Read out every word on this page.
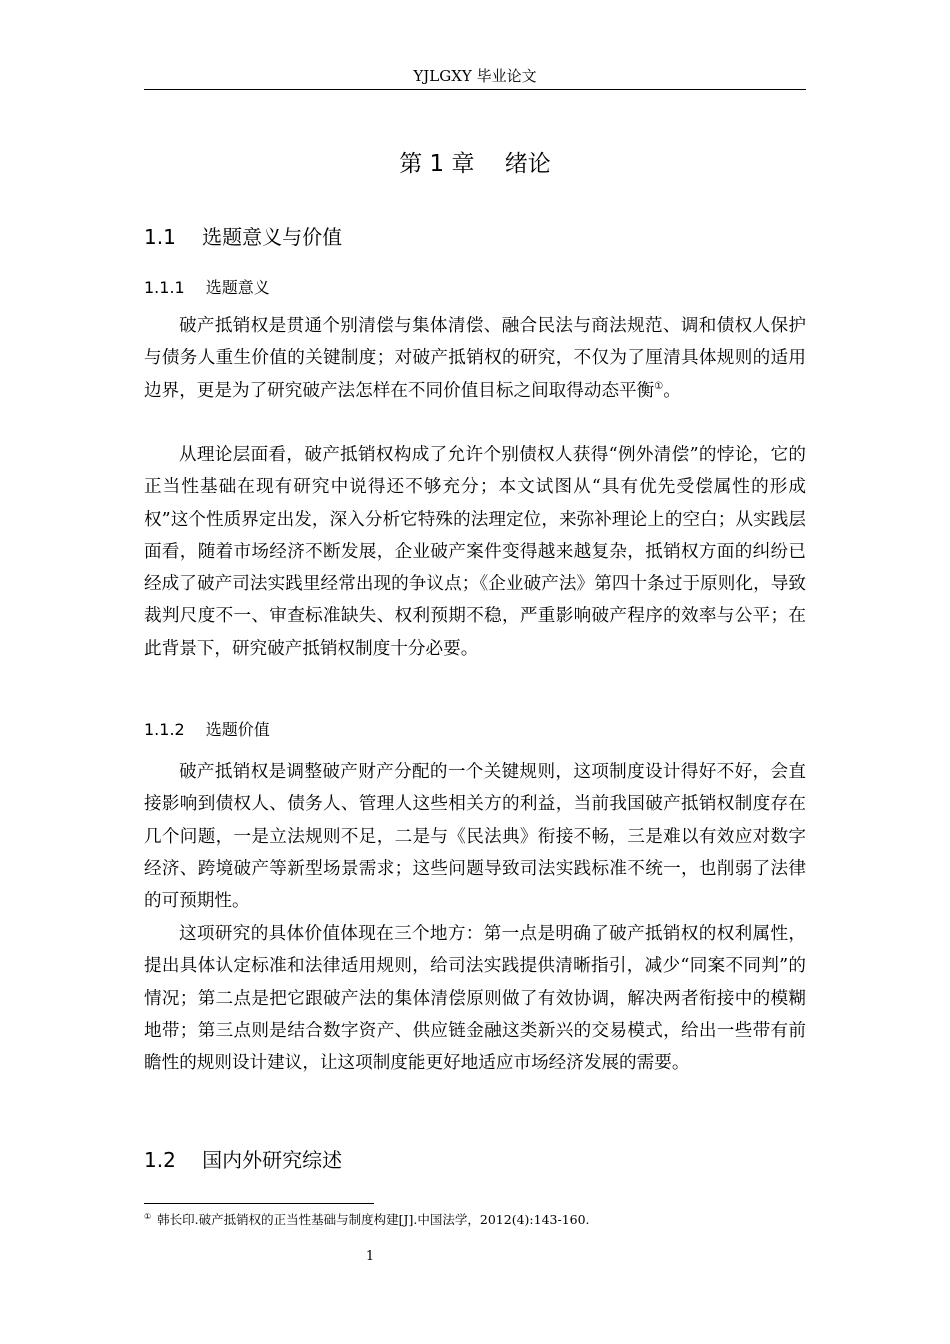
YJLGXY 毕业论文
第 1 章　 绪论
1.1　 选题意义与价值
1.1.1　 选题意义

破产抵销权是贯通个别清偿与集体清偿、融合民法与商法规范、调和债权人保护与债务人重生价值的关键制度；对破产抵销权的研究，不仅为了厘清具体规则的适用边界，更是为了研究破产法怎样在不同价值目标之间取得动态平衡①。

从理论层面看，破产抵销权构成了允许个别债权人获得“例外清偿”的悖论，它的正当性基础在现有研究中说得还不够充分；本文试图从“具有优先受偿属性的形成权”这个性质界定出发，深入分析它特殊的法理定位，来弥补理论上的空白；从实践层面看，随着市场经济不断发展，企业破产案件变得越来越复杂，抵销权方面的纠纷已经成了破产司法实践里经常出现的争议点；《企业破产法》第四十条过于原则化，导致裁判尺度不一、审查标准缺失、权利预期不稳，严重影响破产程序的效率与公平；在此背景下，研究破产抵销权制度十分必要。

1.1.2　 选题价值

破产抵销权是调整破产财产分配的一个关键规则，这项制度设计得好不好，会直接影响到债权人、债务人、管理人这些相关方的利益，当前我国破产抵销权制度存在几个问题，一是立法规则不足，二是与《民法典》衔接不畅，三是难以有效应对数字经济、跨境破产等新型场景需求；这些问题导致司法实践标准不统一，也削弱了法律的可预期性。

这项研究的具体价值体现在三个地方：第一点是明确了破产抵销权的权利属性，提出具体认定标准和法律适用规则，给司法实践提供清晰指引，减少“同案不同判”的情况；第二点是把它跟破产法的集体清偿原则做了有效协调，解决两者衔接中的模糊地带；第三点则是结合数字资产、供应链金融这类新兴的交易模式，给出一些带有前瞻性的规则设计建议，让这项制度能更好地适应市场经济发展的需要。

1.2　 国内外研究综述
① 韩长印.破产抵销权的正当性基础与制度构建[J].中国法学，2012(4):143-160.
1
